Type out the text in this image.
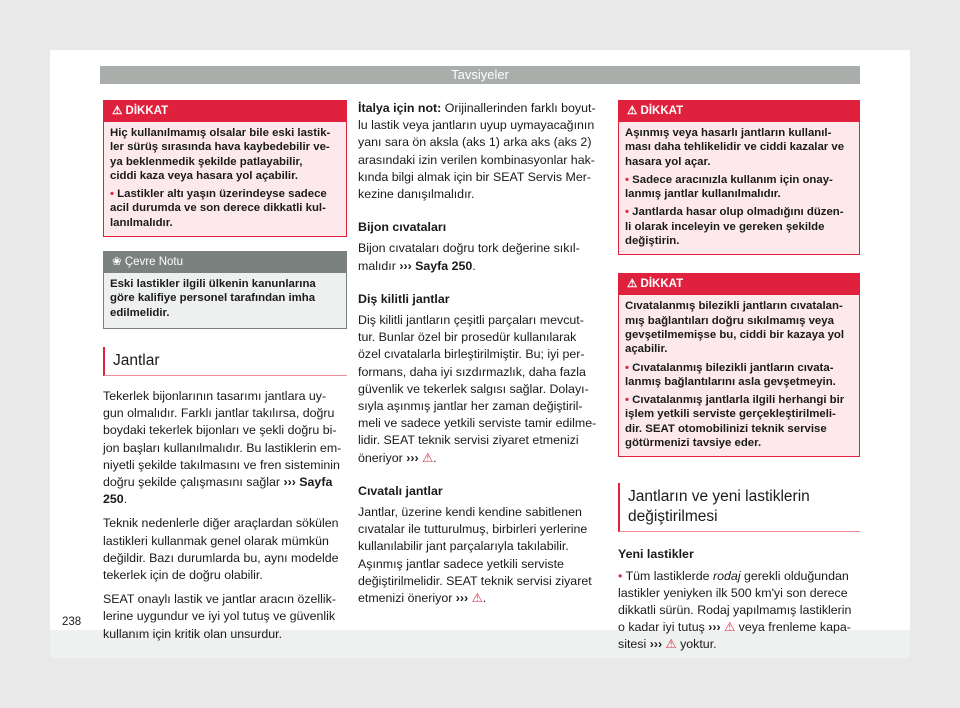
Tavsiyeler
⚠ DİKKAT

Hiç kullanılmamış olsalar bile eski lastik-
ler sürüş sırasında hava kaybedebilir ve-
ya beklenmedik şekilde patlayabilir,
ciddi kaza veya hasara yol açabilir.

• Lastikler altı yaşın üzerindeyse sadece
acil durumda ve son derece dikkatli kul-
lanılmalıdır.

❀ Çevre Notu
Eski lastikler ilgili ülkenin kanunlarına
göre kalifiye personel tarafından imha
edilmelidir.
Jantlar

Tekerlek bijonlarının tasarımı jantlara uy-
gun olmalıdır. Farklı jantlar takılırsa, doğru
boydaki tekerlek bijonları ve şekli doğru bi-
jon başları kullanılmalıdır. Bu lastiklerin em-
niyetli şekilde takılmasını ve fren sisteminin
doğru şekilde çalışmasını sağlar ››› Sayfa
250.

Teknik nedenlerle diğer araçlardan sökülen
lastikleri kullanmak genel olarak mümkün
değildir. Bazı durumlarda bu, aynı modelde
tekerlek için de doğru olabilir.

SEAT onaylı lastik ve jantlar aracın özellik-
lerine uygundur ve iyi yol tutuş ve güvenlik
kullanım için kritik olan unsurdur.

İtalya için not: Orijinallerinden farklı boyut-
lu lastik veya jantların uyup uymayacağının
yanı sara ön aksla (aks 1) arka aks (aks 2)
arasındaki izin verilen kombinasyonlar hak-
kında bilgi almak için bir SEAT Servis Mer-
kezine danışılmalıdır.

Bijon cıvataları

Bijon cıvataları doğru tork değerine sıkıl-
malıdır ››› Sayfa 250.

Diş kilitli jantlar

Diş kilitli jantların çeşitli parçaları mevcut-
tur. Bunlar özel bir prosedür kullanılarak
özel cıvatalarla birleştirilmiştir. Bu; iyi per-
formans, daha iyi sızdırmazlık, daha fazla
güvenlik ve tekerlek salgısı sağlar. Dolayı-
sıyla aşınmış jantlar her zaman değiştiril-
meli ve sadece yetkili serviste tamir edilme-
lidir. SEAT teknik servisi ziyaret etmenizi
öneriyor ››› ⚠.

Cıvatalı jantlar

Jantlar, üzerine kendi kendine sabitlenen
cıvatalar ile tutturulmuş, birbirleri yerlerine
kullanılabilir jant parçalarıyla takılabilir.
Aşınmış jantlar sadece yetkili serviste
değiştirilmelidir. SEAT teknik servisi ziyaret
etmenizi öneriyor ››› ⚠.

⚠ DİKKAT

Aşınmış veya hasarlı jantların kullanıl-
ması daha tehlikelidir ve ciddi kazalar ve
hasara yol açar.

• Sadece aracınızla kullanım için onay-
lanmış jantlar kullanılmalıdır.

• Jantlarda hasar olup olmadığını düzen-
li olarak inceleyin ve gereken şekilde
değiştirin.

⚠ DİKKAT

Cıvatalanmış bilezikli jantların cıvatalan-
mış bağlantıları doğru sıkılmamış veya
gevşetilmemişse bu, ciddi bir kazaya yol
açabilir.

• Cıvatalanmış bilezikli jantların cıvata-
lanmış bağlantılarını asla gevşetmeyin.

• Cıvatalanmış jantlarla ilgili herhangi bir
işlem yetkili serviste gerçekleştirilmeli-
dir. SEAT otomobilinizi teknik servise
götürmenizi tavsiye eder.

Jantların ve yeni lastiklerin
değiştirilmesi
Yeni lastikler

• Tüm lastiklerde rodaj gerekli olduğundan
lastikler yeniyken ilk 500 km'yi son derece
dikkatli sürün. Rodaj yapılmamış lastiklerin
o kadar iyi tutuş ››› ⚠ veya frenleme kapa-
sitesi ››› ⚠ yoktur.

238
